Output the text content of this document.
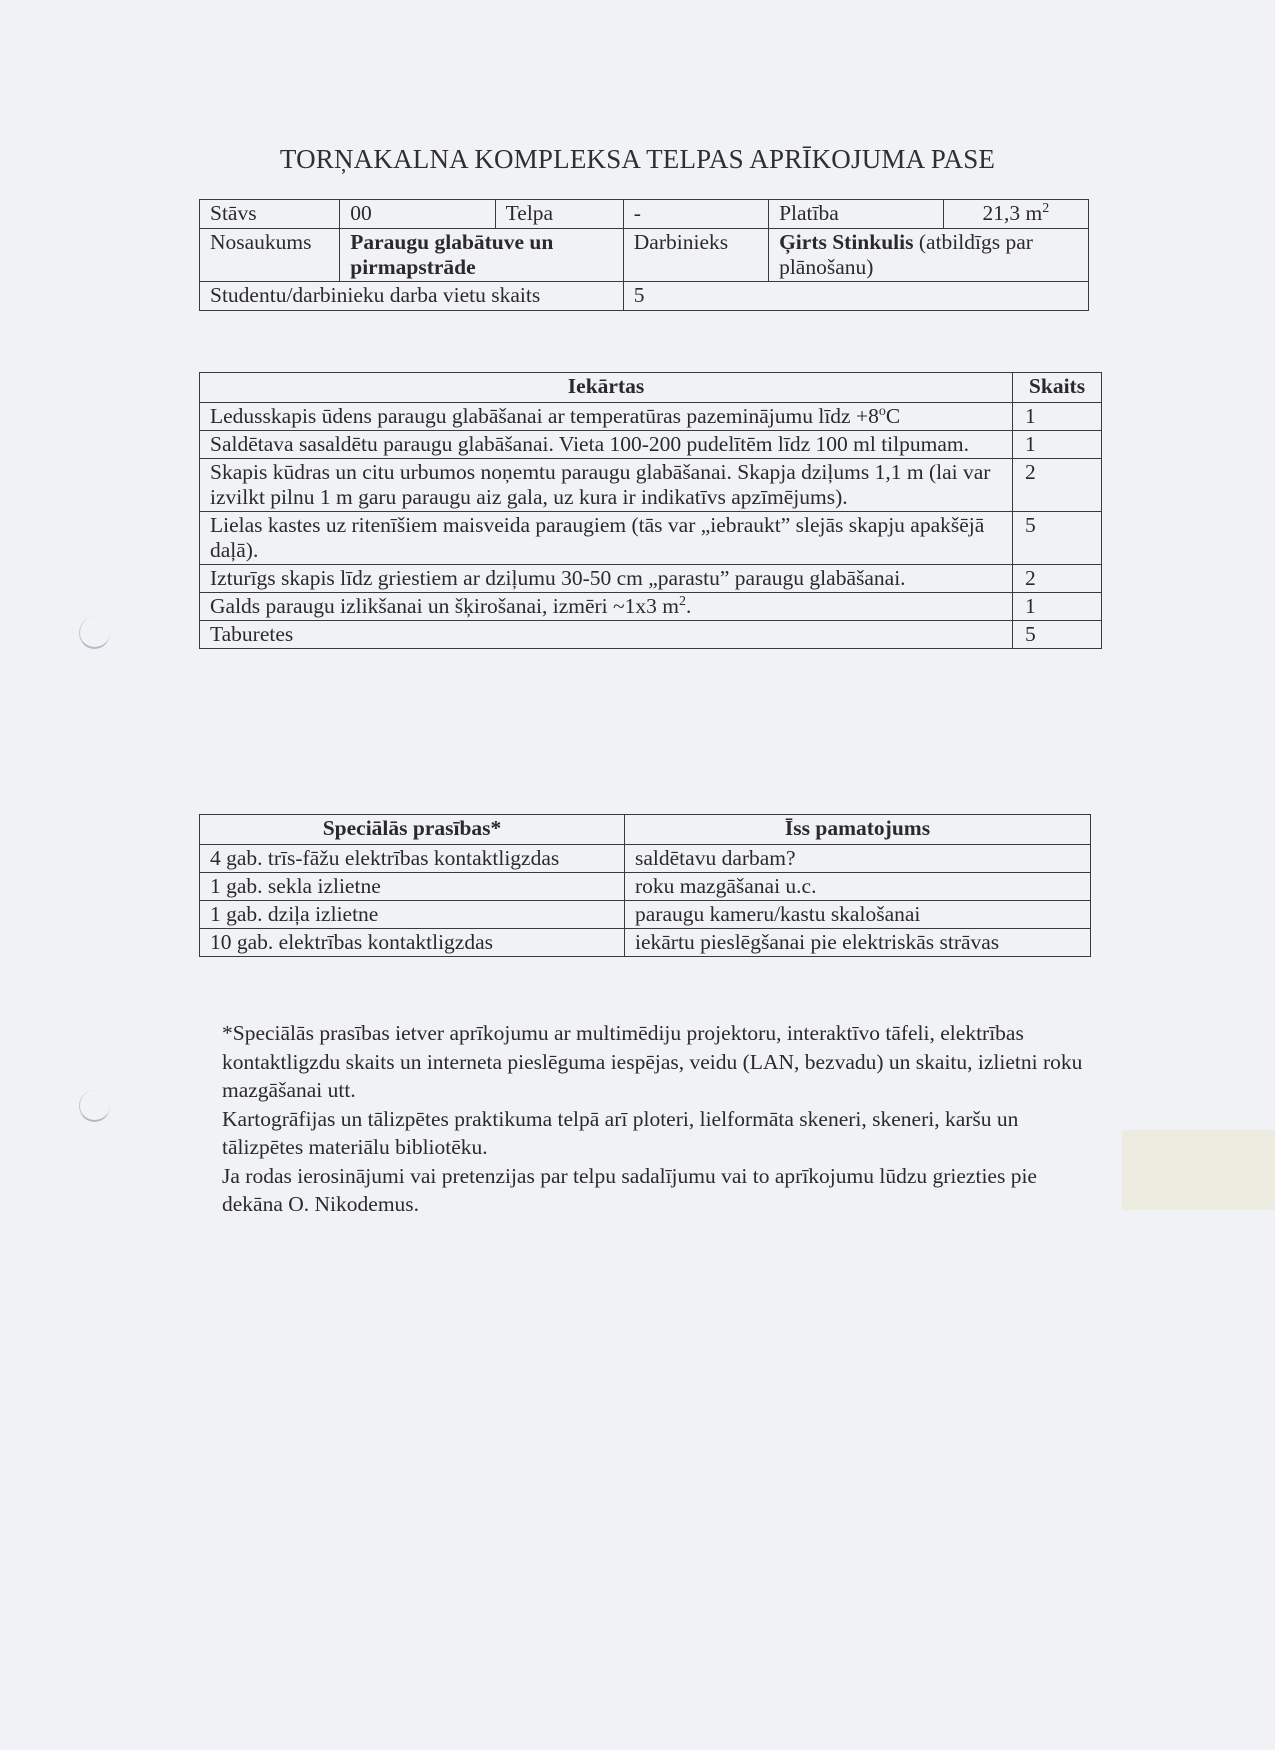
TORŅAKALNA KOMPLEKSA TELPAS APRĪKOJUMA PASE
Stāvs	00	Telpa	-	Platība	21,3 $m^2$
Nosaukums	Paraugu glabātuve un pirmapstrāde		Darbinieks	Ģirts Stinkulis (atbildīgs par plānošanu)	
Studentu/darbinieku darba vietu skaits			5		
Iekārtas	Skaits
Ledusskapis ūdens paraugu glabāšanai ar temperatūras pazeminājumu līdz $+8^oC$	1
Saldētava sasaldētu paraugu glabāšanai. Vieta 100-200 pudelītēm līdz 100 ml tilpumam.	1
Skapis kūdras un citu urbumos noņemtu paraugu glabāšanai. Skapja dziļums 1,1 m (lai var izvilkt pilnu 1 m garu paraugu aiz gala, uz kura ir indikatīvs apzīmējums).	2
Lielas kastes uz ritenīšiem maisveida paraugiem (tās var „iebraukt” slejās skapju apakšējā daļā).	5
Izturīgs skapis līdz griestiem ar dziļumu 30-50 cm „parastu” paraugu glabāšanai.	2
Galds paraugu izlikšanai un šķirošanai, izmēri ~1x3 $m^2$.	1
Taburetes	5
Speciālās prasības*	Īss pamatojums
4 gab. trīs-fāžu elektrības kontaktligzdas	saldētavu darbam?
1 gab. sekla izlietne	roku mazgāšanai u.c.
1 gab. dziļa izlietne	paraugu kameru/kastu skalošanai
10 gab. elektrības kontaktligzdas	iekārtu pieslēgšanai pie elektriskās strāvas

*Speciālās prasības ietver aprīkojumu ar multimēdiju projektoru, interaktīvo tāfeli, elektrības kontaktligzdu skaits un interneta pieslēguma iespējas, veidu (LAN, bezvadu) un skaitu, izlietni roku mazgāšanai utt.

Kartogrāfijas un tālizpētes praktikuma telpā arī ploteri, lielformāta skeneri, skeneri, karšu un tālizpētes materiālu bibliotēku.

Ja rodas ierosinājumi vai pretenzijas par telpu sadalījumu vai to aprīkojumu lūdzu griezties pie dekāna O. Nikodemus.
